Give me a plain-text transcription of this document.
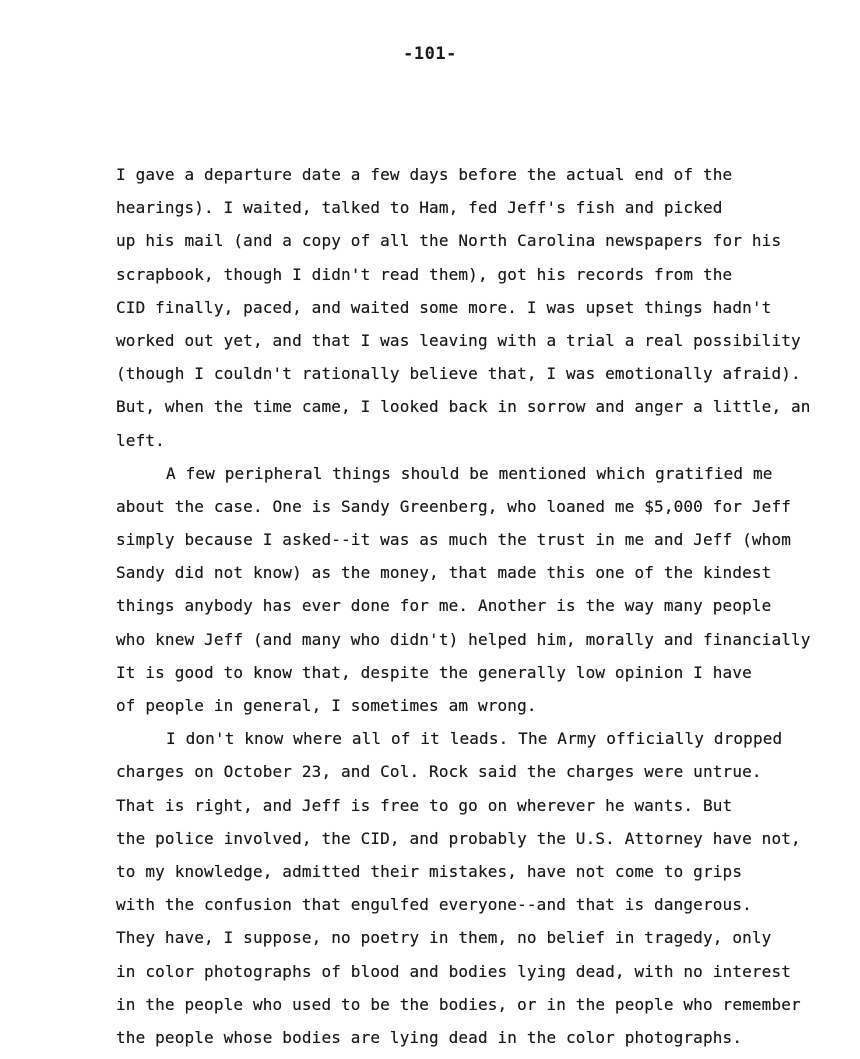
-101-
I gave a departure date a few days before the actual end of the
hearings). I waited, talked to Ham, fed Jeff's fish and picked
up his mail (and a copy of all the North Carolina newspapers for his
scrapbook, though I didn't read them), got his records from the
CID finally, paced, and waited some more. I was upset things hadn't
worked out yet, and that I was leaving with a trial a real possibility
(though I couldn't rationally believe that, I was emotionally afraid).
But, when the time came, I looked back in sorrow and anger a little, an
left.
A few peripheral things should be mentioned which gratified me
about the case. One is Sandy Greenberg, who loaned me $5,000 for Jeff
simply because I asked--it was as much the trust in me and Jeff (whom
Sandy did not know) as the money, that made this one of the kindest
things anybody has ever done for me. Another is the way many people
who knew Jeff (and many who didn't) helped him, morally and financially
It is good to know that, despite the generally low opinion I have
of people in general, I sometimes am wrong.
I don't know where all of it leads. The Army officially dropped
charges on October 23, and Col. Rock said the charges were untrue.
That is right, and Jeff is free to go on wherever he wants. But
the police involved, the CID, and probably the U.S. Attorney have not,
to my knowledge, admitted their mistakes, have not come to grips
with the confusion that engulfed everyone--and that is dangerous.
They have, I suppose, no poetry in them, no belief in tragedy, only
in color photographs of blood and bodies lying dead, with no interest
in the people who used to be the bodies, or in the people who remember
the people whose bodies are lying dead in the color photographs.
